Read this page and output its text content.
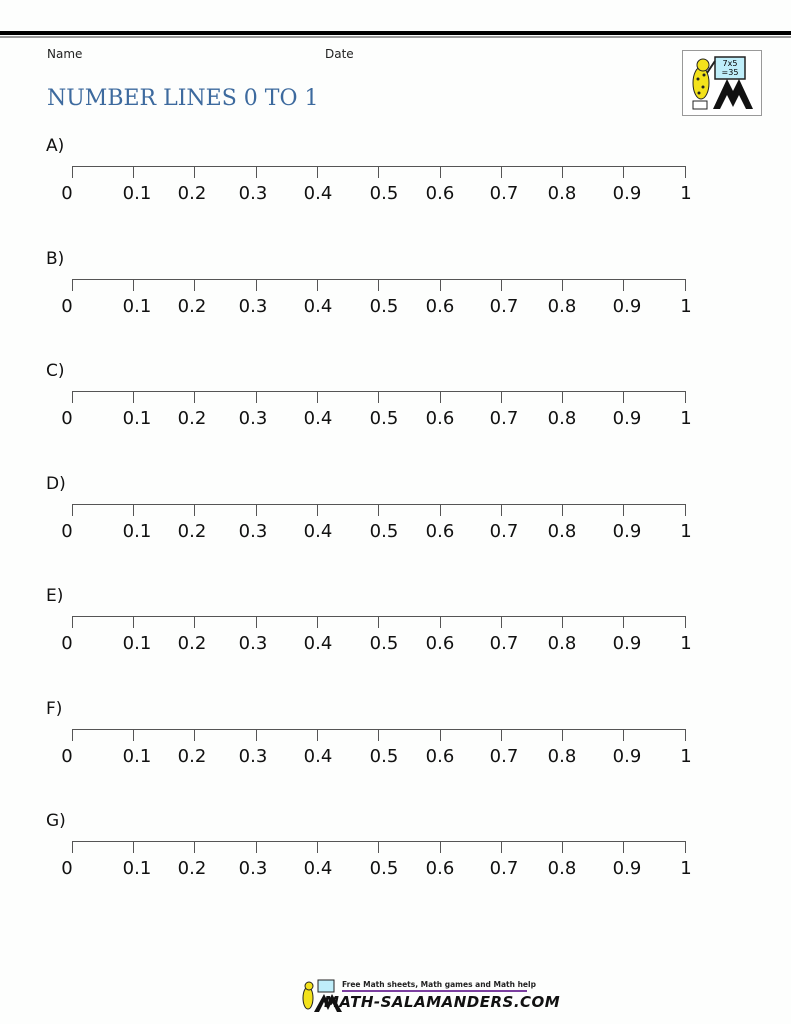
Name	Date
NUMBER LINES 0 TO 1
7x5
=35
A)
0	0.1 0.2 0.3 0.4 0.5 0.6 0.7 0.8 0.9 1
B)
0	0.1 0.2 0.3 0.4 0.5 0.6 0.7 0.8 0.9 1
C)
0	0.1 0.2 0.3 0.4 0.5 0.6 0.7 0.8 0.9 1
D)
0	0.1 0.2 0.3 0.4 0.5 0.6 0.7 0.8 0.9 1
E)
0	0.1 0.2 0.3 0.4 0.5 0.6 0.7 0.8 0.9 1
F)
0	0.1 0.2 0.3 0.4 0.5 0.6 0.7 0.8 0.9 1
G)
0	0.1 0.2 0.3 0.4 0.5 0.6 0.7 0.8 0.9 1
Free Math sheets, Math games and Math help
MATH-SALAMANDERS.COM
